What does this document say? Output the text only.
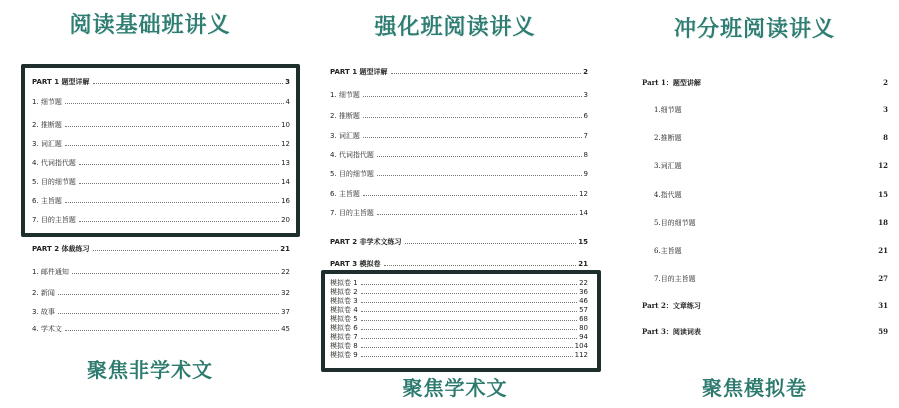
阅读基础班讲义
PART 1 题型详解	3
1. 细节题	4
2. 推断题	10
3. 词汇题	12
4. 代词指代题	13
5. 目的细节题	14
6. 主旨题	16
7. 目的主旨题	20
PART 2 体裁练习	21
1. 邮件通知	22
2. 新闻	32
3. 故事	37
4. 学术文	45
聚焦非学术文
强化班阅读讲义
PART 1 题型详解	2
1. 细节题	3
2. 推断题	6
3. 词汇题	7
4. 代词指代题	8
5. 目的细节题	9
6. 主旨题	12
7. 目的主旨题	14
PART 2 非学术文练习	15
PART 3 模拟卷	21
模拟卷 1	22
模拟卷 2	36
模拟卷 3	46
模拟卷 4	57
模拟卷 5	68
模拟卷 6	80
模拟卷 7	94
模拟卷 8	104
模拟卷 9	112
聚焦学术文
冲分班阅读讲义
Part 1：题型讲解	2
1.细节题	3
2.推断题	8
3.词汇题	12
4.指代题	15
5.目的细节题	18
6.主旨题	21
7.目的主旨题	27
Part 2：文章练习	31
Part 3：阅读词表	59
聚焦模拟卷
